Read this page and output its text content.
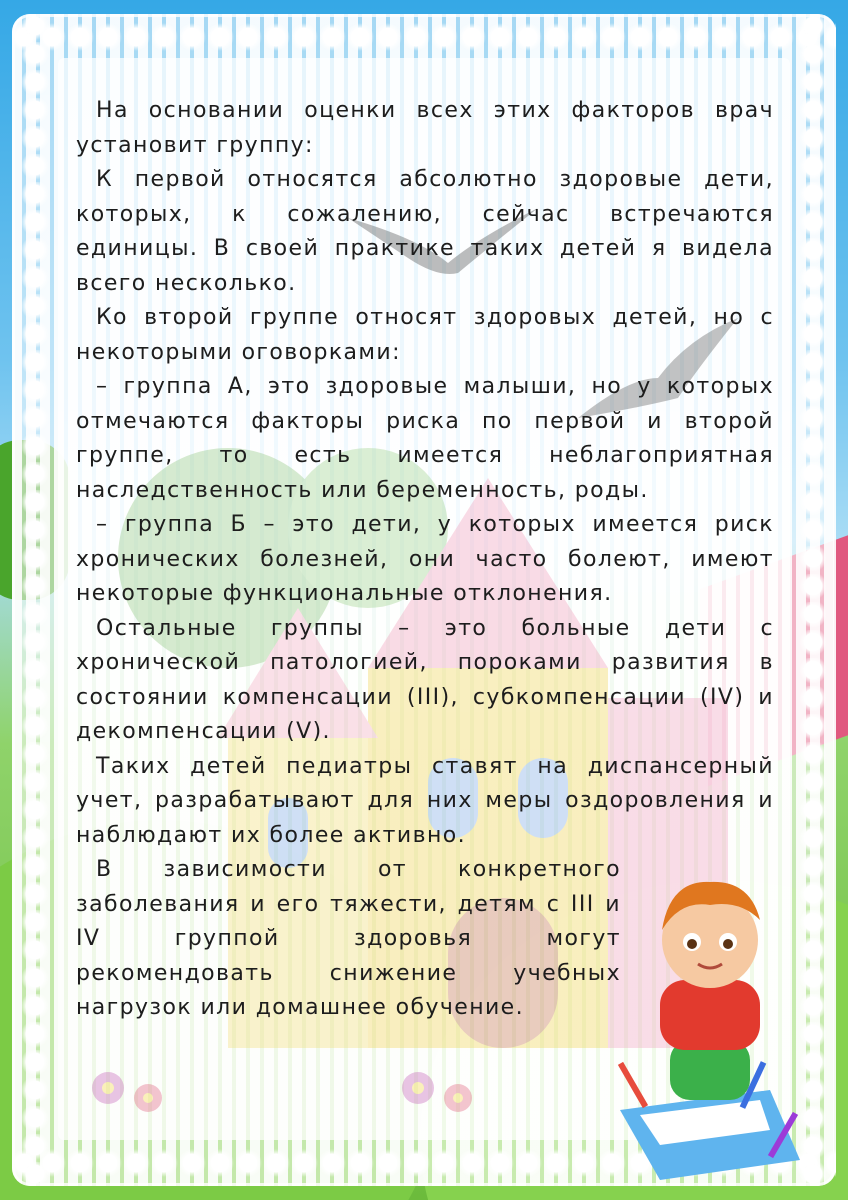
На основании оценки всех этих факторов врач установит группу:

К первой относятся абсолютно здоровые дети, которых, к сожалению, сейчас встречаются единицы. В своей практике таких детей я видела всего несколько.

Ко второй группе относят здоровых детей, но с некоторыми оговорками:

– группа А, это здоровые малыши, но у которых отмечаются факторы риска по первой и второй группе, то есть имеется неблагоприятная наследственность или беременность, роды.

– группа Б – это дети, у которых имеется риск хронических болезней, они часто болеют, имеют некоторые функциональные отклонения.

Остальные группы – это больные дети с хронической патологией, пороками развития в состоянии компенсации (III), субкомпенсации (IV) и декомпенсации (V).

Таких детей педиатры ставят на диспансерный учет, разрабатывают для них меры оздоровления и наблюдают их более активно.

В зависимости от конкретного заболевания и его тяжести, детям с III и IV группой здоровья могут рекомендовать снижение учебных нагрузок или домашнее обучение.
